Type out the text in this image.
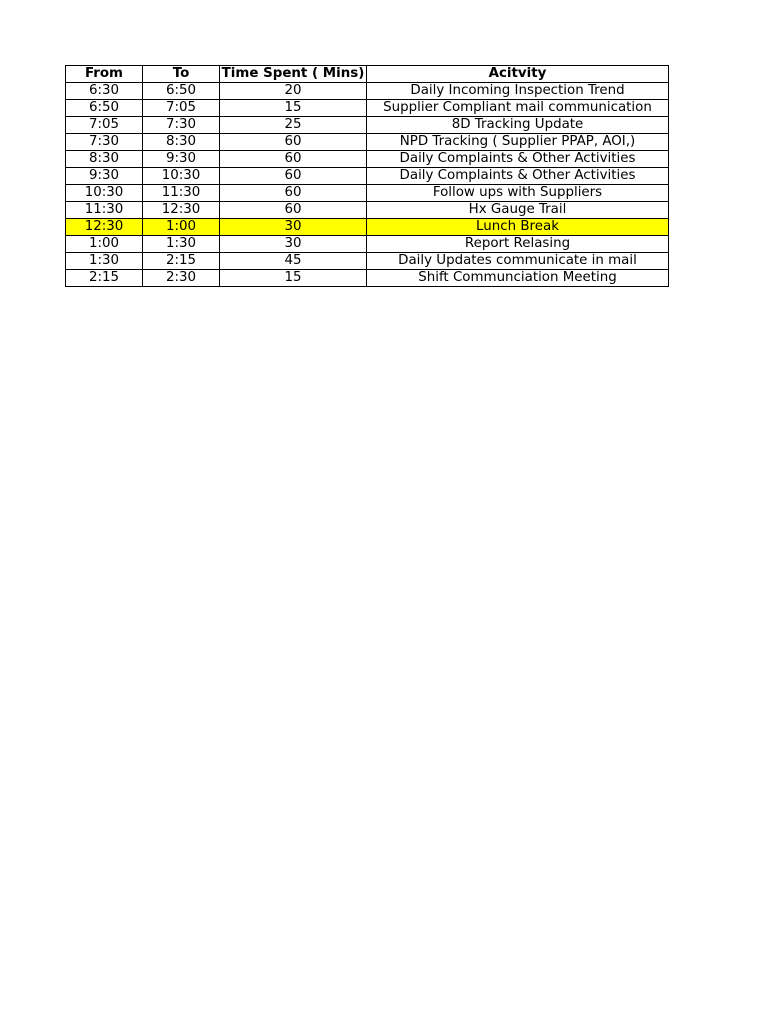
From	To	Time Spent ( Mins)	Acitvity
6:30	6:50	20	Daily Incoming Inspection Trend
6:50	7:05	15	Supplier Compliant mail communication
7:05	7:30	25	8D Tracking Update
7:30	8:30	60	NPD Tracking ( Supplier PPAP, AOI,)
8:30	9:30	60	Daily Complaints & Other Activities
9:30	10:30	60	Daily Complaints & Other Activities
10:30	11:30	60	Follow ups with Suppliers
11:30	12:30	60	Hx Gauge Trail
12:30	1:00	30	Lunch Break
1:00	1:30	30	Report Relasing
1:30	2:15	45	Daily Updates communicate in mail
2:15	2:30	15	Shift Communciation Meeting
